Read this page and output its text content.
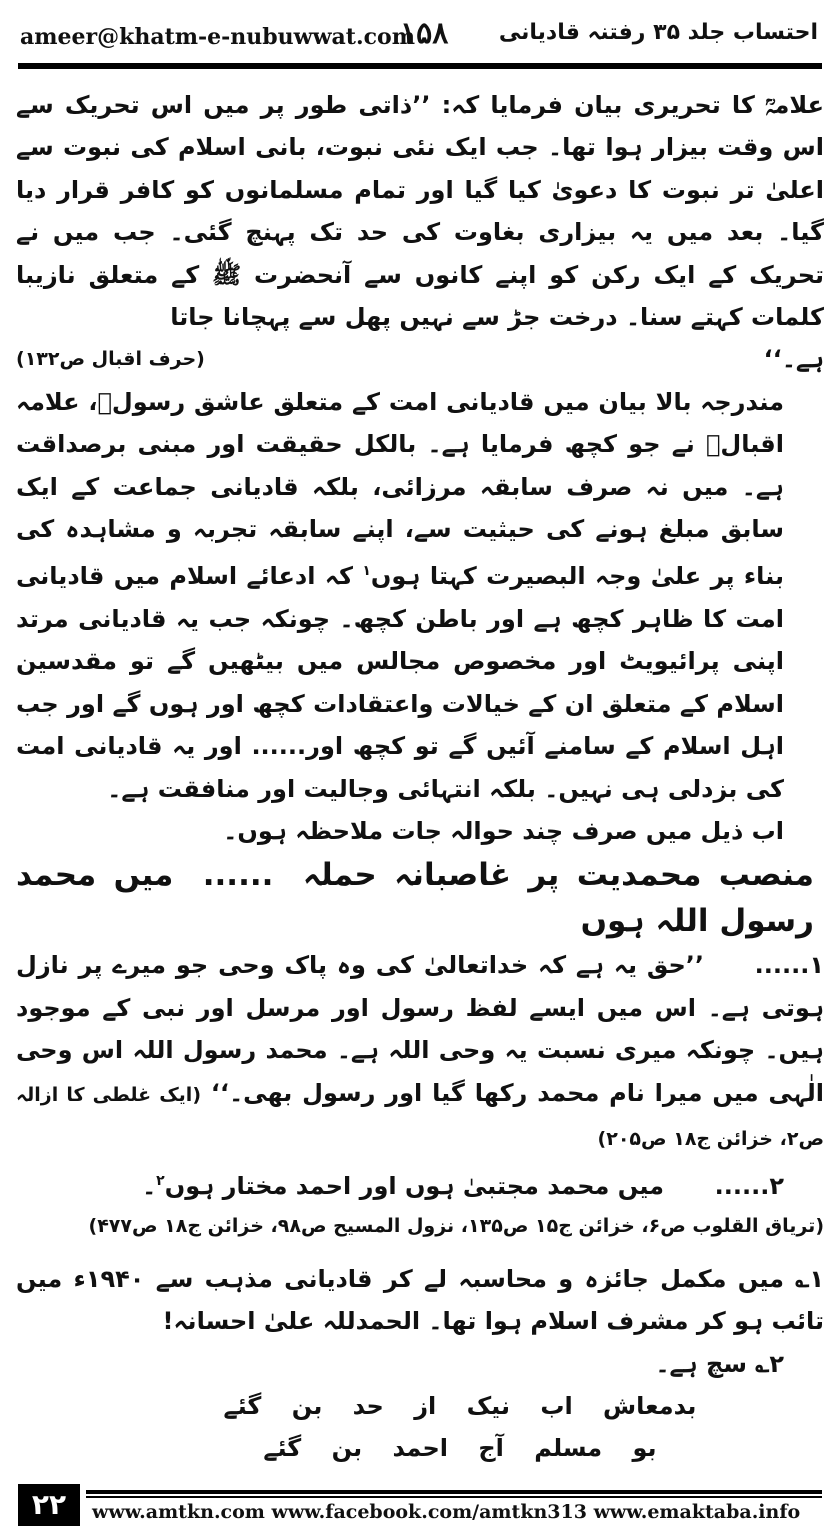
ameer@khatm-e-nubuwwat.com
۱۵۸ احتساب جلد ۳۵ رفتنہ قادیانی

علامہؒ کا تحریری بیان فرمایا کہ: ’’ذاتی طور پر میں اس تحریک سے اس وقت بیزار ہوا تھا۔ جب ایک نئی نبوت، بانی اسلام کی نبوت سے اعلیٰ تر نبوت کا دعویٰ کیا گیا اور تمام مسلمانوں کو کافر قرار دیا گیا۔ بعد میں یہ بیزاری بغاوت کی حد تک پہنچ گئی۔ جب میں نے تحریک کے ایک رکن کو اپنے کانوں سے آنحضرت ﷺ کے متعلق نازیبا کلمات کہتے سنا۔ درخت جڑ سے نہیں پھل سے پہچانا جاتا

ہے۔‘‘
(حرف اقبال ص۱۳۲)

مندرجہ بالا بیان میں قادیانی امت کے متعلق عاشق رسولؐ، علامہ اقبالؒ نے جو کچھ فرمایا ہے۔ بالکل حقیقت اور مبنی برصداقت ہے۔ میں نہ صرف سابقہ مرزائی، بلکہ قادیانی جماعت کے ایک سابق مبلغ ہونے کی حیثیت سے، اپنے سابقہ تجربہ و مشاہدہ کی بناء پر علیٰ وجہ البصیرت کہتا ہوں$^۱$ کہ ادعائے اسلام میں قادیانی امت کا ظاہر کچھ ہے اور باطن کچھ۔ چونکہ جب یہ قادیانی مرتد اپنی پرائیویٹ اور مخصوص مجالس میں بیٹھیں گے تو مقدسین اسلام کے متعلق ان کے خیالات واعتقادات کچھ اور ہوں گے اور جب اہل اسلام کے سامنے آئیں گے تو کچھ اور...... اور یہ قادیانی امت کی بزدلی ہی نہیں۔ بلکہ انتہائی وجالیت اور منافقت ہے۔

اب ذیل میں صرف چند حوالہ جات ملاحظہ ہوں۔

منصب محمدیت پر غاصبانہ حملہ ...... میں محمد رسول اللہ ہوں

۱......’’حق یہ ہے کہ خداتعالیٰ کی وہ پاک وحی جو میرے پر نازل ہوتی ہے۔ اس میں ایسے لفظ رسول اور مرسل اور نبی کے موجود ہیں۔ چونکہ میری نسبت یہ وحی اللہ ہے۔ محمد رسول اللہ اس وحی الٰہی میں میرا نام محمد رکھا گیا اور رسول بھی۔‘‘ (ایک غلطی کا ازالہ ص۲، خزائن ج۱۸ ص۲۰۵)

۲......میں محمد مجتبیٰ ہوں اور احمد مختار ہوں$^۲$۔

(تریاق القلوب ص۶، خزائن ج۱۵ ص۱۳۵، نزول المسیح ص۹۸، خزائن ج۱۸ ص۴۷۷)

۱؎ میں مکمل جائزہ و محاسبہ لے کر قادیانی مذہب سے ۱۹۴۰ء میں تائب ہو کر مشرف اسلام ہوا تھا۔ الحمدللہ علیٰ احسانہ!

۲؎ سچ ہے۔

بدمعاش اب نیک از حد بن گئے

بو مسلم آج احمد بن گئے

۲۲	www.amtkn.com www.facebook.com/amtkn313 www.emaktaba.info
